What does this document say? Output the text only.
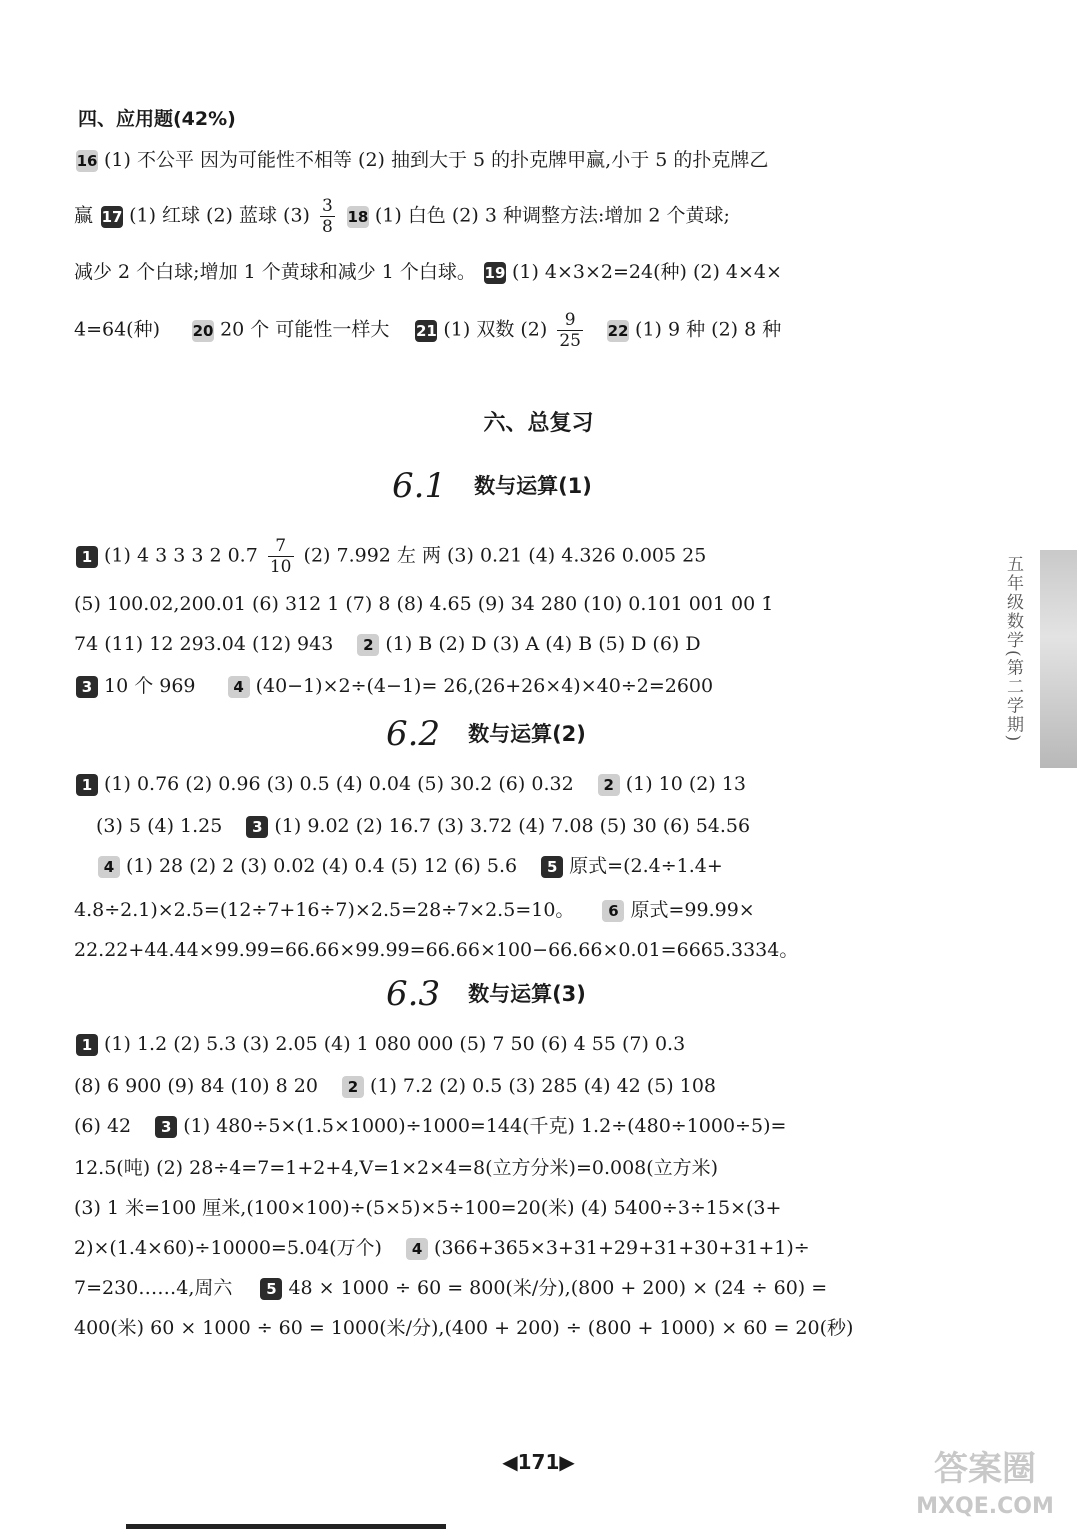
四、应用题(42%)
16 (1) 不公平 因为可能性不相等 (2) 抽到大于 5 的扑克牌甲赢,小于 5 的扑克牌乙
赢 17 (1) 红球 (2) 蓝球 $(3) \frac{3}{8} 18$ (1) 白色 (2) 3 种调整方法:增加 2 个黄球;
减少 2 个白球;增加 1 个黄球和减少 1 个白球。 19 (1) 4×3×2=24(种) (2) 4×4×
4=64(种) 20 20 个 可能性一样大 21 (1) 双数 $(2) \frac{9}{25} 22$ (1) 9 种 (2) 8 种
六、总复习
6.1 数与运算(1)
1 (1) 4 3 3 3 2 $0.7 \frac{7}{10} (2)$ 7.992 左 两 (3) 0.21 (4) 4.326 0.005 25
(5) 100.02,200.01 (6) 312 1 (7) 8 (8) 4.65 (9) 34 280 (10) 0.101 001 0̇0 1̇
74 (11) 12 293.04 (12) 943 2 (1) B (2) D (3) A (4) B (5) D (6) D
3 10 个 969	4 (40−1)×2÷(4−1)= 26,(26+26×4)×40÷2=2600
6.2 数与运算(2)
1 (1) 0.76 (2) 0.96 (3) 0.5 (4) 0.04 (5) 30.2 (6) 0.32 2 (1) 10 (2) 13
(3) 5 (4) 1.25 3 (1) 9.02 (2) 16.7 (3) 3.72 (4) 7.08 (5) 30 (6) 54.56
4 (1) 28 (2) 2 (3) 0.02 (4) 0.4 (5) 12 (6) 5.6 5 原式=(2.4÷1.4+
4.8÷2.1)×2.5=(12÷7+16÷7)×2.5=28÷7×2.5=10。 6 原式=99.99×
22.22+44.44×99.99=66.66×99.99=66.66×100−66.66×0.01=6665.3334。
6.3 数与运算(3)
1 (1) 1.2 (2) 5.3 (3) 2.05 (4) 1 080 000 (5) 7 50 (6) 4 55 (7) 0.3
(8) 6 900 (9) 84 (10) 8 20 2 (1) 7.2 (2) 0.5 (3) 285 (4) 42 (5) 108
(6) 42 3 (1) 480÷5×(1.5×1000)÷1000=144(千克) 1.2÷(480÷1000÷5)=
12.5(吨) (2) 28÷4=7=1+2+4,V=1×2×4=8(立方分米)=0.008(立方米)
(3) 1 米=100 厘米,(100×100)÷(5×5)×5÷100=20(米) (4) 5400÷3÷15×(3+
2)×(1.4×60)÷10000=5.04(万个) 4 (366+365×3+31+29+31+30+31+1)÷
7=230……4,周六 5 48 × 1000 ÷ 60 = 800(米/分),(800 + 200) × (24 ÷ 60) =
400(米) 60 × 1000 ÷ 60 = 1000(米/分),(400 + 200) ÷ (800 + 1000) × 60 = 20(秒)
五年级数学(第二学期)
◀171▶	答案圈
MXQE.COM
